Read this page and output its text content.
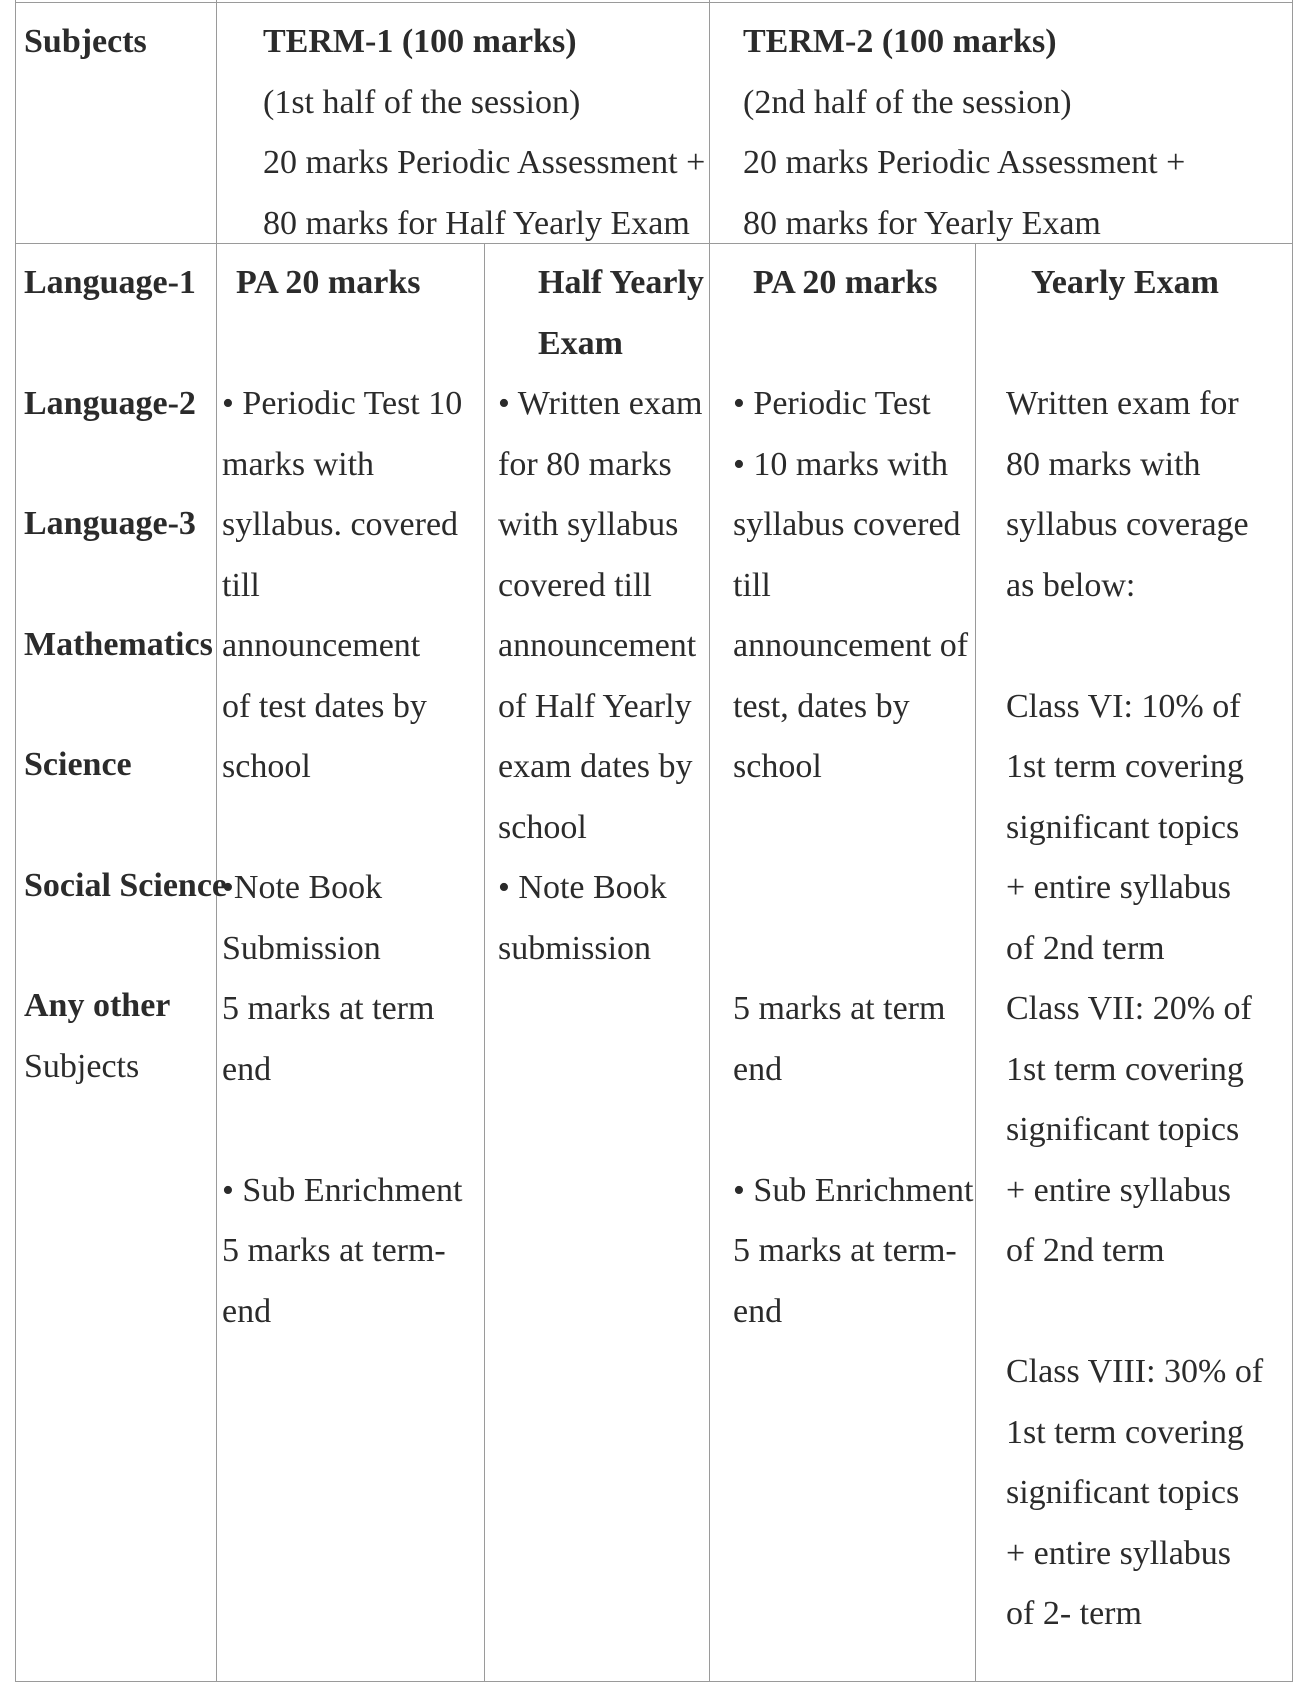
Subjects	TERM-1 (100 marks)
(1st half of the session)
20 marks Periodic Assessment +
80 marks for Half Yearly Exam
TERM-2 (100 marks)
(2nd half of the session)
20 marks Periodic Assessment +
80 marks for Yearly Exam
Language-1
Language-2
Language-3
Mathematics
Science
Social Science
Any other
Subjects
PA 20 marks
• Periodic Test 10
marks with
syllabus. covered
till
announcement
of test dates by
school
•Note Book
Submission
5 marks at term
end
• Sub Enrichment
5 marks at term-
end
Half Yearly
Exam
• Written exam
for 80 marks
with syllabus
covered till
announcement
of Half Yearly
exam dates by
school
• Note Book
submission
PA 20 marks
• Periodic Test
• 10 marks with
syllabus covered
till
announcement of
test, dates by
school
5 marks at term
end
• Sub Enrichment
5 marks at term-
end
Yearly Exam
Written exam for
80 marks with
syllabus coverage
as below:
Class VI: 10% of
1st term covering
significant topics
+ entire syllabus
of 2nd term
Class VII: 20% of
1st term covering
significant topics
+ entire syllabus
of 2nd term
Class VIII: 30% of
1st term covering
significant topics
+ entire syllabus
of 2- term
